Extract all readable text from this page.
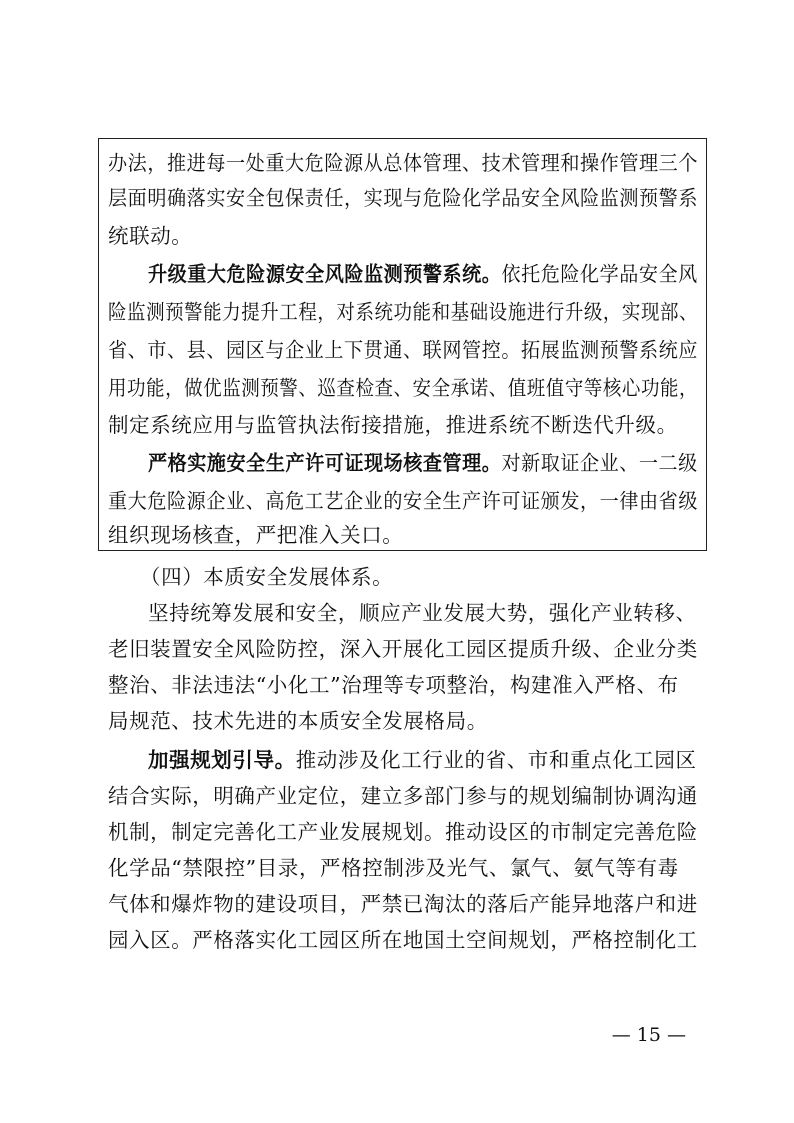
办法，推进每一处重大危险源从总体管理、技术管理和操作管理三个
层面明确落实安全包保责任，实现与危险化学品安全风险监测预警系
统联动。
升级重大危险源安全风险监测预警系统。依托危险化学品安全风
险监测预警能力提升工程，对系统功能和基础设施进行升级，实现部、
省、市、县、园区与企业上下贯通、联网管控。拓展监测预警系统应
用功能，做优监测预警、巡查检查、安全承诺、值班值守等核心功能，
制定系统应用与监管执法衔接措施，推进系统不断迭代升级。
严格实施安全生产许可证现场核查管理。对新取证企业、一二级
重大危险源企业、高危工艺企业的安全生产许可证颁发，一律由省级
组织现场核查，严把准入关口。
（四）本质安全发展体系。
坚持统筹发展和安全，顺应产业发展大势，强化产业转移、
老旧装置安全风险防控，深入开展化工园区提质升级、企业分类
整治、非法违法“小化工”治理等专项整治，构建准入严格、布
局规范、技术先进的本质安全发展格局。
加强规划引导。推动涉及化工行业的省、市和重点化工园区
结合实际，明确产业定位，建立多部门参与的规划编制协调沟通
机制，制定完善化工产业发展规划。推动设区的市制定完善危险
化学品“禁限控”目录，严格控制涉及光气、氯气、氨气等有毒
气体和爆炸物的建设项目，严禁已淘汰的落后产能异地落户和进
园入区。严格落实化工园区所在地国土空间规划，严格控制化工
— 15 —
